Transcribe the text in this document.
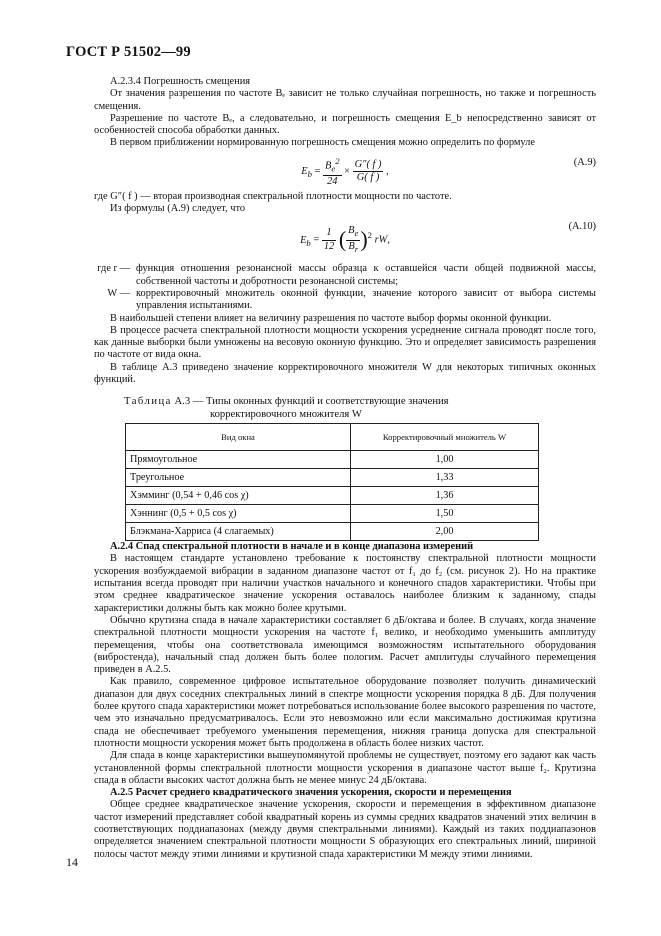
ГОСТ Р 51502—99

А.2.3.4 Погрешность смещения

От значения разрешения по частоте Bₑ зависит не только случайная погрешность, но также и погрешность смещения.

Разрешение по частоте Bₑ, а следовательно, и погрешность смещения E_b непосредственно зависят от особенностей способа обработки данных.

В первом приближении нормированную погрешность смещения можно определить по формуле

$E_b = \frac{B_e^2}{24} \times \frac{G''( f )}{G( f )}$ ,
(А.9)

где G″( f ) — вторая производная спектральной плотности мощности по частоте.

Из формулы (А.9) следует, что

$E_b = \frac{1}{12}$ ( $\frac{B_e}{B_r} )^2$ rW,
(А.10)
где r — функция отношения резонансной массы образца к оставшейся части общей подвижной массы, собственной частоты и добротности резонансной системы;
W — корректировочный множитель оконной функции, значение которого зависит от выбора системы управления испытаниями.

В наибольшей степени влияет на величину разрешения по частоте выбор формы оконной функции.

В процессе расчета спектральной плотности мощности ускорения усреднение сигнала проводят после того, как данные выборки были умножены на весовую оконную функцию. Это и определяет зависимость разрешения по частоте от вида окна.

В таблице А.3 приведено значение корректировочного множителя W для некоторых типичных оконных функций.

Таблица А.3 — Типы оконных функций и соответствующие значения
корректировочного множителя W
Вид окна	Корректировочный множитель W
Прямоугольное	1,00
Треугольное	1,33
Хэмминг (0,54 + 0,46 cos χ)	1,36
Хэннинг (0,5 + 0,5 cos χ)	1,50
Блэкмана-Харриса (4 слагаемых)	2,00

А.2.4 Спад спектральной плотности в начале и в конце диапазона измерений

В настоящем стандарте установлено требование к постоянству спектральной плотности мощности ускорения возбуждаемой вибрации в заданном диапазоне частот от f₁ до f₂ (см. рисунок 2). Но на практике испытания всегда проводят при наличии участков начального и конечного спадов характеристики. Чтобы при этом среднее квадратическое значение ускорения оставалось наиболее близким к заданному, спады характеристики должны быть как можно более крутыми.

Обычно крутизна спада в начале характеристики составляет 6 дБ/октава и более. В случаях, когда значение спектральной плотности мощности ускорения на частоте f₁ велико, и необходимо уменьшить амплитуду перемещения, чтобы она соответствовала имеющимся возможностям испытательного оборудования (вибростенда), начальный спад должен быть более пологим. Расчет амплитуды случайного перемещения приведен в А.2.5.

Как правило, современное цифровое испытательное оборудование позволяет получить динамический диапазон для двух соседних спектральных линий в спектре мощности ускорения порядка 8 дБ. Для получения более крутого спада характеристики может потребоваться использование более высокого разрешения по частоте, чем это изначально предусматривалось. Если это невозможно или если максимально достижимая крутизна спада не обеспечивает требуемого уменьшения перемещения, нижняя граница допуска для спектральной плотности мощности ускорения может быть продолжена в область более низких частот.

Для спада в конце характеристики вышеупомянутой проблемы не существует, поэтому его задают как часть установленной формы спектральной плотности мощности ускорения в диапазоне частот выше f₂. Крутизна спада в области высоких частот должна быть не менее минус 24 дБ/октава.

А.2.5 Расчет среднего квадратического значения ускорения, скорости и перемещения

Общее среднее квадратическое значение ускорения, скорости и перемещения в эффективном диапазоне частот измерений представляет собой квадратный корень из суммы средних квадратов значений этих величин в соответствующих поддиапазонах (между двумя спектральными линиями). Каждый из таких поддиапазонов определяется значением спектральной плотности мощности S образующих его спектральных линий, шириной полосы частот между этими линиями и крутизной спада характеристики M между этими линиями.

14
